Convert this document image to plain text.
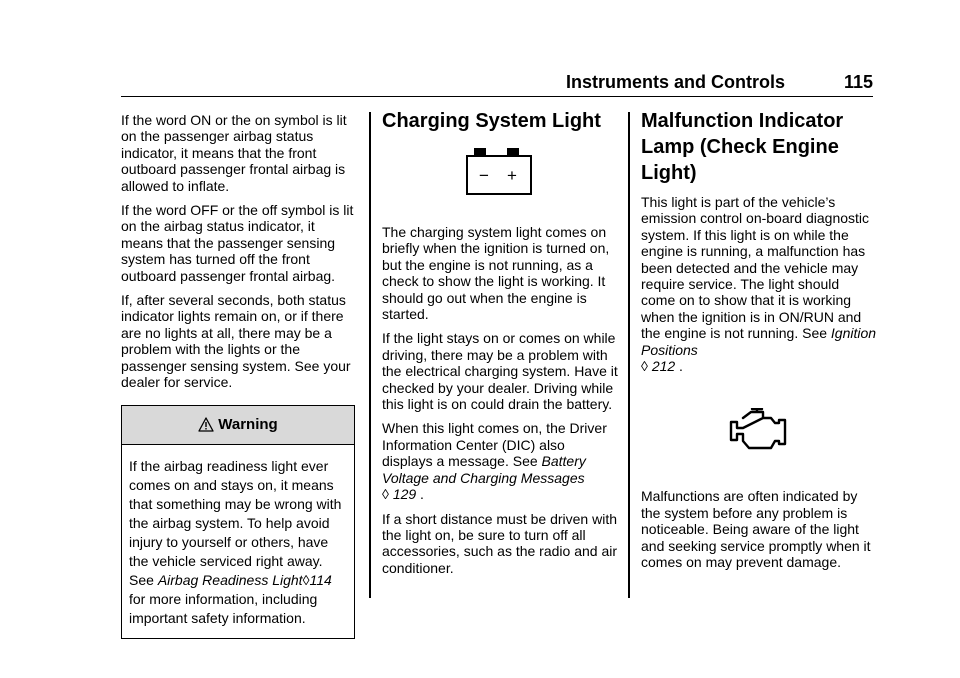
Instruments and Controls	115

If the word ON or the on symbol is lit on the passenger airbag status indicator, it means that the front outboard passenger frontal airbag is allowed to inflate.

If the word OFF or the off symbol is lit on the airbag status indicator, it means that the passenger sensing system has turned off the front outboard passenger frontal airbag.

If, after several seconds, both status indicator lights remain on, or if there are no lights at all, there may be a problem with the lights or the passenger sensing system. See your dealer for service.

Warning

If the airbag readiness light ever comes on and stays on, it means that something may be wrong with the airbag system. To help avoid injury to yourself or others, have the vehicle serviced right away. See Airbag Readiness Light◊114 for more information, including important safety information.

Charging System Light
− +

The charging system light comes on briefly when the ignition is turned on, but the engine is not running, as a check to show the light is working. It should go out when the engine is started.

If the light stays on or comes on while driving, there may be a problem with the electrical charging system. Have it checked by your dealer. Driving while this light is on could drain the battery.

When this light comes on, the Driver Information Center (DIC) also displays a message. See Battery Voltage and Charging Messages
◊ 129 .

If a short distance must be driven with the light on, be sure to turn off all accessories, such as the radio and air conditioner.

Malfunction Indicator Lamp (Check Engine Light)

This light is part of the vehicle’s emission control on-board diagnostic system. If this light is on while the engine is running, a malfunction has been detected and the vehicle may require service. The light should come on to show that it is working when the ignition is in ON/RUN and the engine is not running. See Ignition Positions
◊ 212 .

Malfunctions are often indicated by the system before any problem is noticeable. Being aware of the light and seeking service promptly when it comes on may prevent damage.
